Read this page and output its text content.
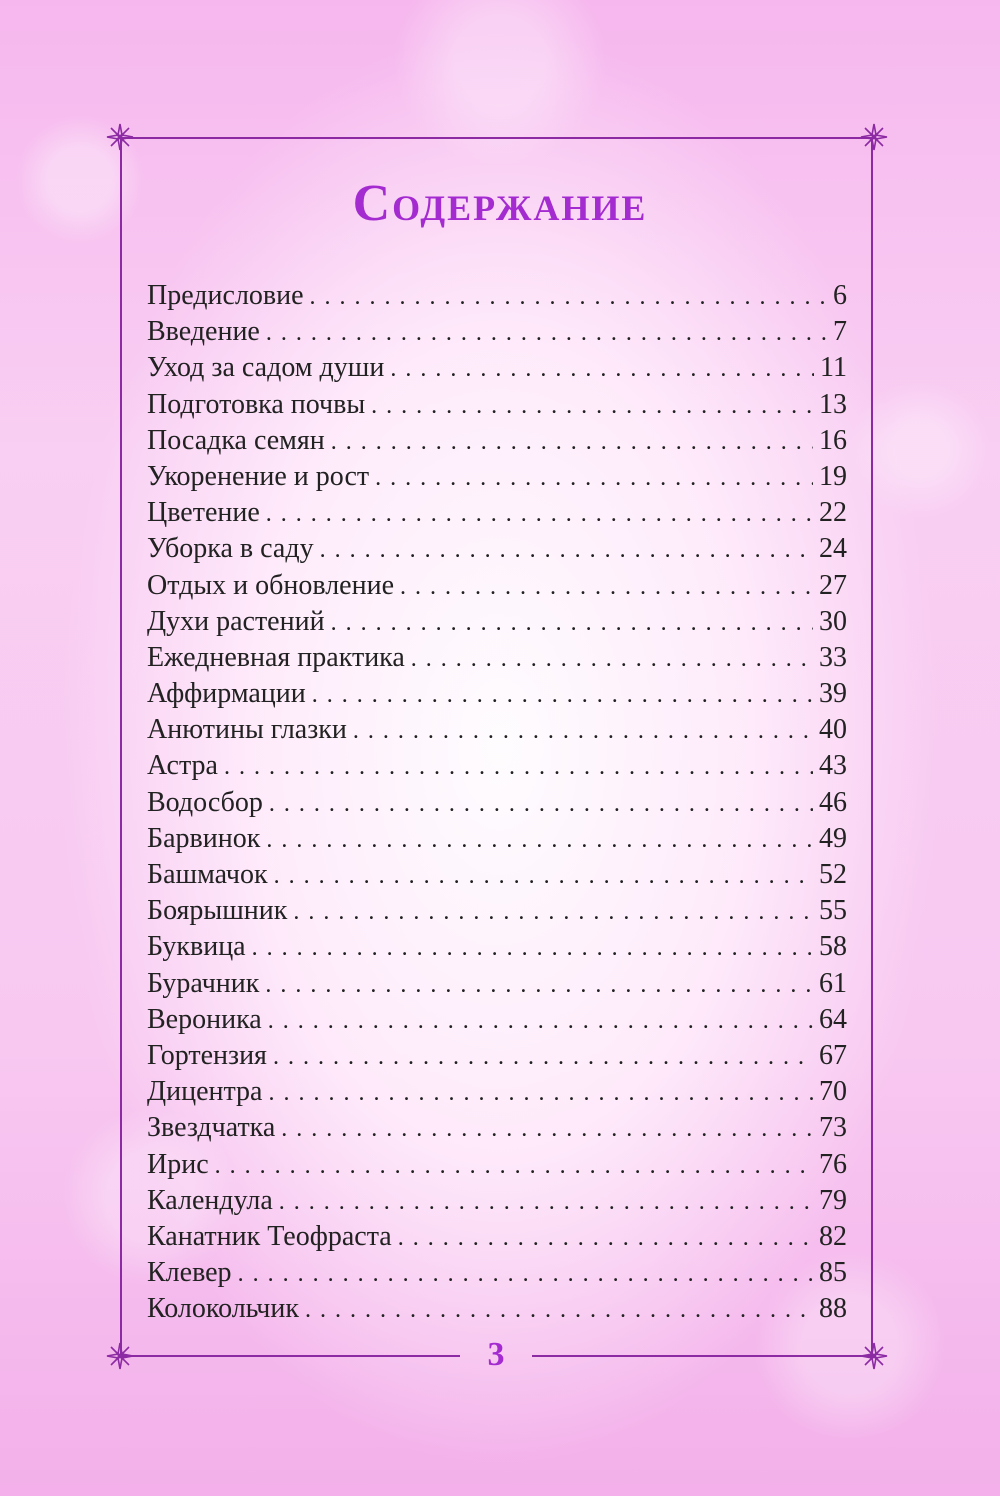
Содержание
Предисловие .....	6
Введение .....	7
Уход за садом души .....	11
Подготовка почвы .....	13
Посадка семян .....	16
Укоренение и рост .....	19
Цветение .....	22
Уборка в саду .....	24
Отдых и обновление .....	27
Духи растений .....	30
Ежедневная практика .....	33
Аффирмации .....	39
Анютины глазки .....	40
Астра .....	43
Водосбор .....	46
Барвинок .....	49
Башмачок .....	52
Боярышник .....	55
Буквица .....	58
Бурачник .....	61
Вероника .....	64
Гортензия .....	67
Дицентра .....	70
Звездчатка .....	73
Ирис .....	76
Календула .....	79
Канатник Теофраста .....	82
Клевер .....	85
Колокольчик .....	88
3
